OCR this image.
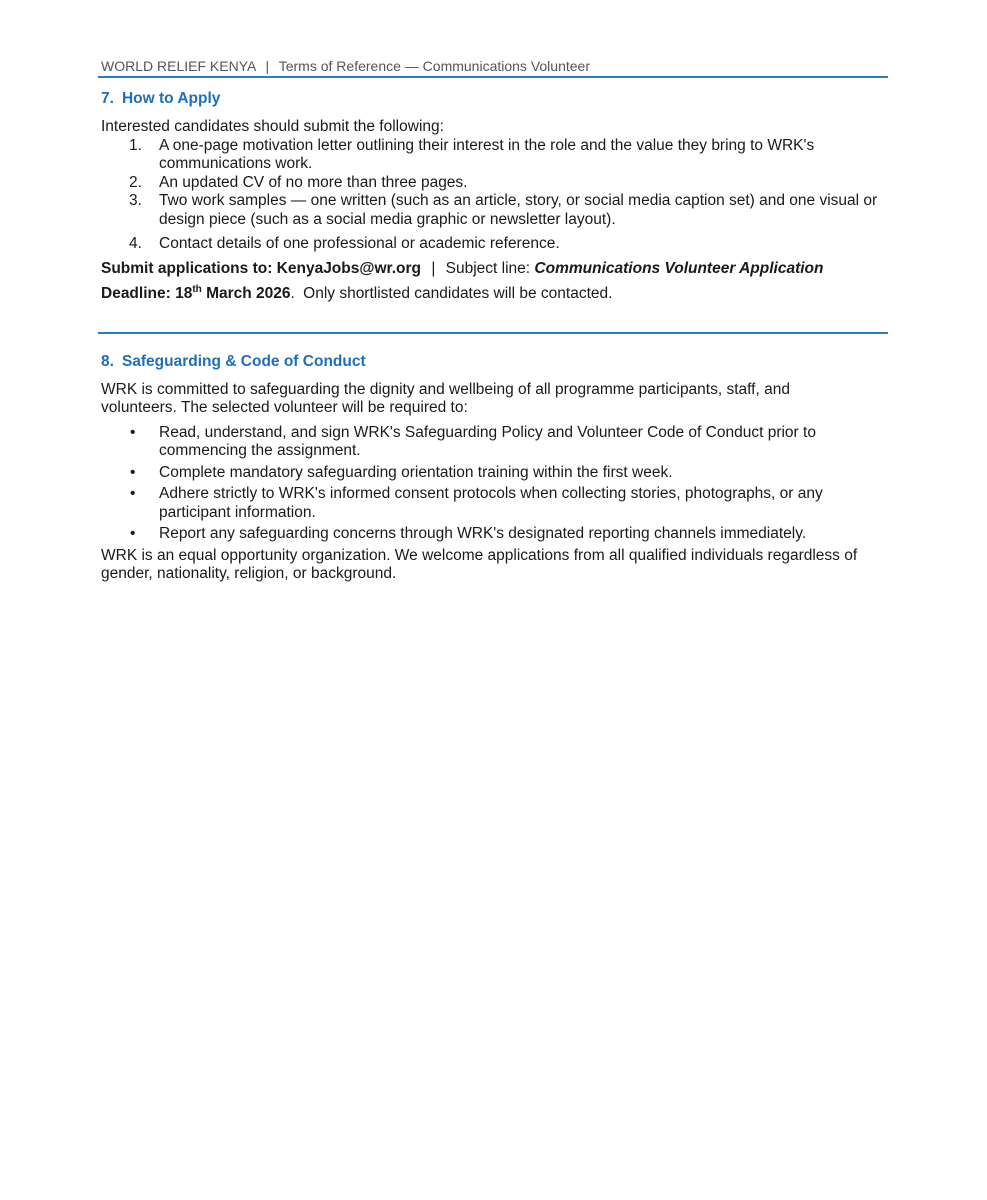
WORLD RELIEF KENYA | Terms of Reference — Communications Volunteer
7. How to Apply

Interested candidates should submit the following:

1. A one-page motivation letter outlining their interest in the role and the value they bring to WRK's communications work.
2. An updated CV of no more than three pages.
3. Two work samples — one written (such as an article, story, or social media caption set) and one visual or design piece (such as a social media graphic or newsletter layout).
4. Contact details of one professional or academic reference.
Submit applications to: KenyaJobs@wr.org | Subject line: Communications Volunteer Application
Deadline: 18th March 2026. Only shortlisted candidates will be contacted.
8. Safeguarding & Code of Conduct

WRK is committed to safeguarding the dignity and wellbeing of all programme participants, staff, and volunteers. The selected volunteer will be required to:

• Read, understand, and sign WRK's Safeguarding Policy and Volunteer Code of Conduct prior to commencing the assignment.
• Complete mandatory safeguarding orientation training within the first week.
• Adhere strictly to WRK's informed consent protocols when collecting stories, photographs, or any participant information.
• Report any safeguarding concerns through WRK's designated reporting channels immediately.

WRK is an equal opportunity organization. We welcome applications from all qualified individuals regardless of gender, nationality, religion, or background.
